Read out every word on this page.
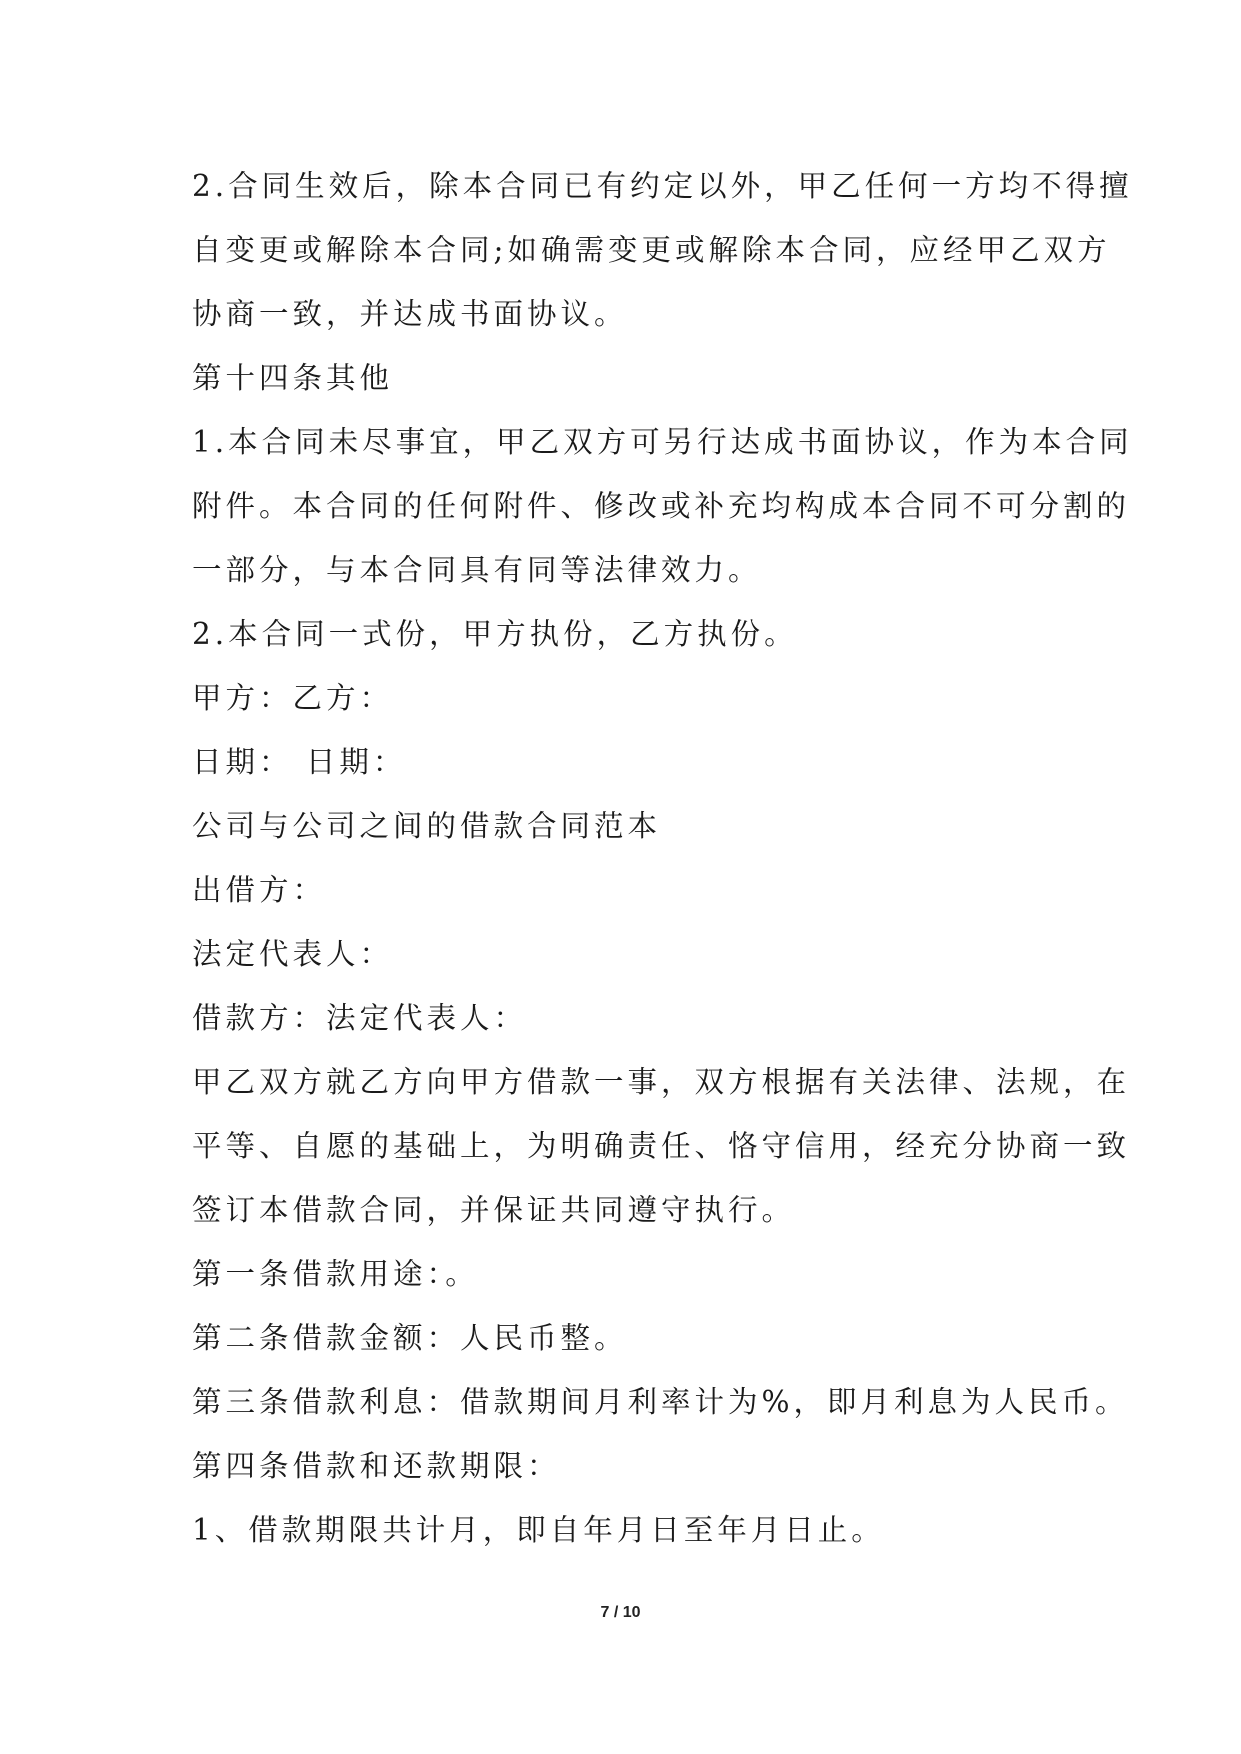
2.合同生效后，除本合同已有约定以外，甲乙任何一方均不得擅
自变更或解除本合同;如确需变更或解除本合同，应经甲乙双方
协商一致，并达成书面协议。
第十四条其他
1.本合同未尽事宜，甲乙双方可另行达成书面协议，作为本合同
附件。本合同的任何附件、修改或补充均构成本合同不可分割的
一部分，与本合同具有同等法律效力。
2.本合同一式份，甲方执份，乙方执份。
甲方：乙方：
日期： 日期：
公司与公司之间的借款合同范本
出借方：
法定代表人：
借款方：法定代表人：
甲乙双方就乙方向甲方借款一事，双方根据有关法律、法规，在
平等、自愿的基础上，为明确责任、恪守信用，经充分协商一致
签订本借款合同，并保证共同遵守执行。
第一条借款用途：。
第二条借款金额：人民币整。
第三条借款利息：借款期间月利率计为%，即月利息为人民币。
第四条借款和还款期限：
1、借款期限共计月，即自年月日至年月日止。
7 / 10
